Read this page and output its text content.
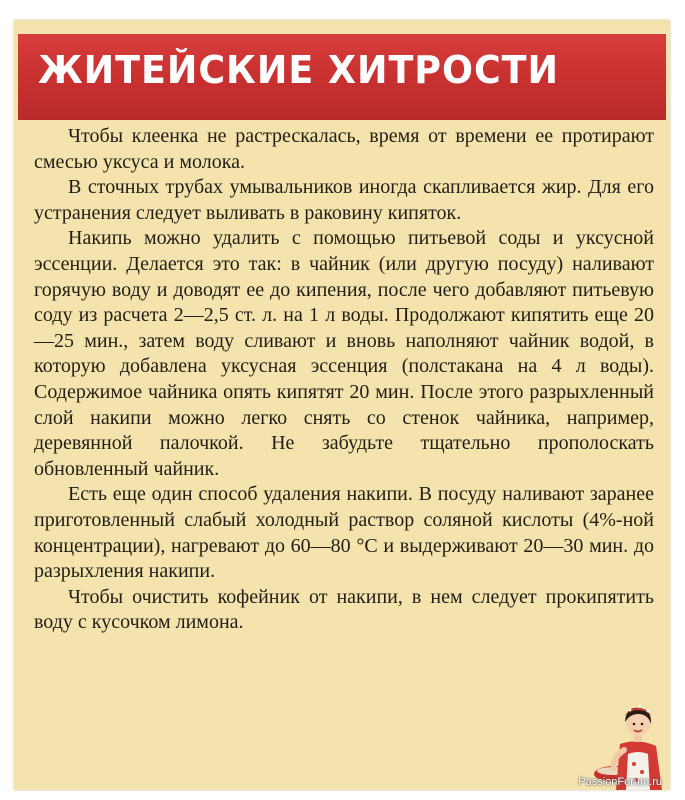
ЖИТЕЙСКИЕ ХИТРОСТИ

Чтобы клеенка не растрескалась, время от времени ее протирают смесью уксуса и молока.

В сточных трубах умывальников иногда скапливается жир. Для его устранения следует выливать в раковину кипяток.

Накипь можно удалить с помощью питьевой соды и уксусной эссенции. Делается это так: в чайник (или другую посуду) наливают горячую воду и доводят ее до кипения, после чего добавляют питьевую соду из расчета 2—2,5 ст. л. на 1 л воды. Продолжают кипятить еще 20—25 мин., затем воду сливают и вновь наполняют чайник водой, в которую добавлена уксусная эссенция (полстакана на 4 л воды). Содержимое чайника опять кипятят 20 мин. После этого разрыхленный слой накипи можно легко снять со стенок чайника, например, деревянной палочкой. Не забудьте тщательно прополоскать обновленный чайник.

Есть еще один способ удаления накипи. В посуду наливают заранее приготовленный слабый холодный раствор соляной кислоты (4%-ной концентрации), нагревают до 60—80 °С и выдерживают 20—30 мин. до разрыхления накипи.

Чтобы очистить кофейник от накипи, в нем следует прокипятить воду с кусочком лимона.

PassionForum.ru
